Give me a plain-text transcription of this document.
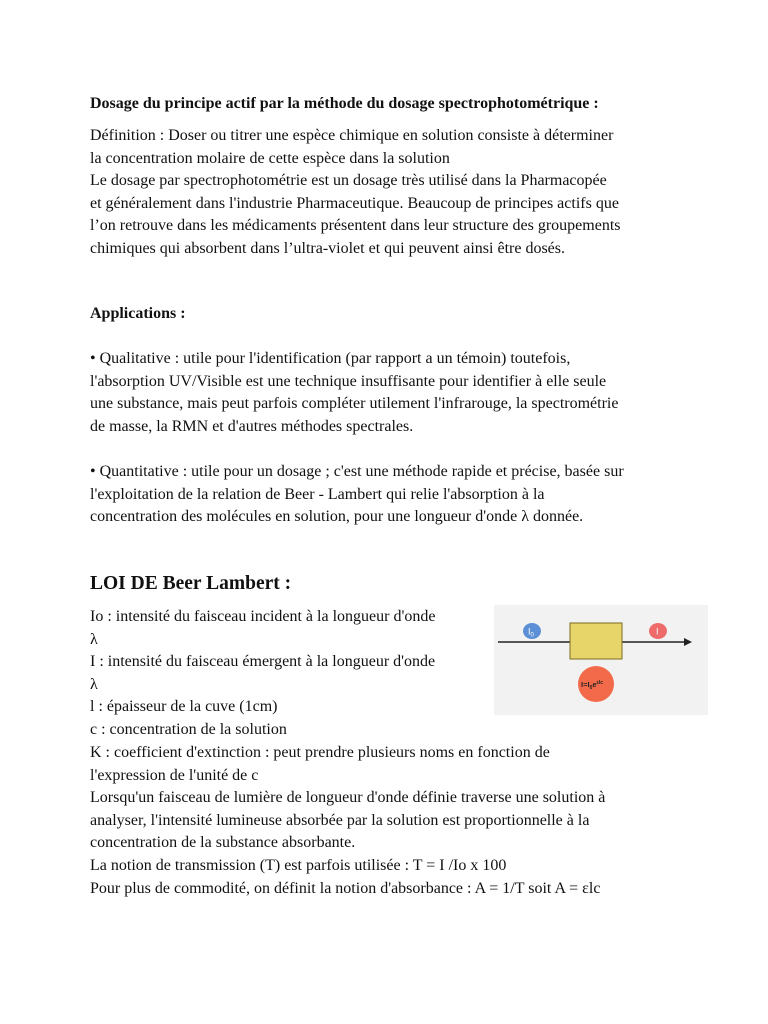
Dosage du principe actif par la méthode du dosage spectrophotométrique :

Définition : Doser ou titrer une espèce chimique en solution consiste à déterminer

la concentration molaire de cette espèce dans la solution

Le dosage par spectrophotométrie est un dosage très utilisé dans la Pharmacopée

et généralement dans l'industrie Pharmaceutique. Beaucoup de principes actifs que

l’on retrouve dans les médicaments présentent dans leur structure des groupements

chimiques qui absorbent dans l’ultra-violet et qui peuvent ainsi être dosés.

Applications :

• Qualitative : utile pour l'identification (par rapport a un témoin) toutefois,

l'absorption UV/Visible est une technique insuffisante pour identifier à elle seule

une substance, mais peut parfois compléter utilement l'infrarouge, la spectrométrie

de masse, la RMN et d'autres méthodes spectrales.

• Quantitative : utile pour un dosage ; c'est une méthode rapide et précise, basée sur

l'exploitation de la relation de Beer - Lambert qui relie l'absorption à la

concentration des molécules en solution, pour une longueur d'onde λ donnée.

LOI DE Beer Lambert :

Io : intensité du faisceau incident à la longueur d'onde

λ

I : intensité du faisceau émergent à la longueur d'onde

λ

l : épaisseur de la cuve (1cm)

c : concentration de la solution

K : coefficient d'extinction : peut prendre plusieurs noms en fonction de

l'expression de l'unité de c

Lorsqu'un faisceau de lumière de longueur d'onde définie traverse une solution à

analyser, l'intensité lumineuse absorbée par la solution est proportionnelle à la

concentration de la substance absorbante.

La notion de transmission (T) est parfois utilisée : T = I /Io x 100

Pour plus de commodité, on définit la notion d'absorbance : A = 1/T soit A = εlc

$I_0$	I
$I=I_0e^{\varepsilon lc}$
